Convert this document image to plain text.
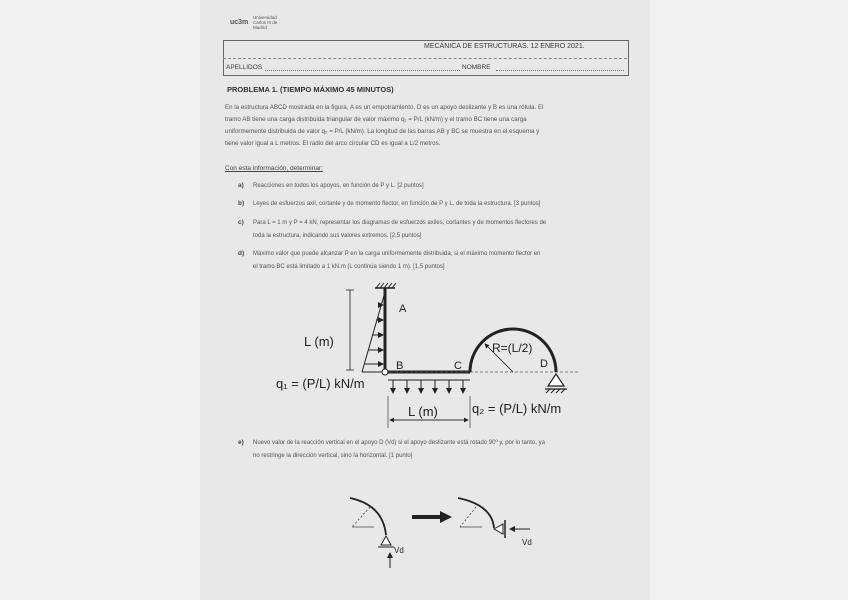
uc3m Universidad Carlos III de Madrid
MECÁNICA DE ESTRUCTURAS. 12 ENERO 2021.
APELLIDOS	NOMBRE
PROBLEMA 1. (TIEMPO MÁXIMO 45 MINUTOS)
En la estructura ABCD mostrada en la figura, A es un empotramiento, D es un apoyo deslizante y B es una rótula. El
tramo AB tiene una carga distribuida triangular de valor máximo q₁ = P/L (kN/m) y el tramo BC tiene una carga
uniformemente distribuida de valor q₂ = P/L (kN/m). La longitud de las barras AB y BC se muestra en el esquema y
tiene valor igual a L metros. El radio del arco circular CD es igual a L/2 metros.
Con esta información, determinar:
a) Reacciones en todos los apoyos, en función de P y L. [2 puntos]
b) Leyes de esfuerzos axil, cortante y de momento flector, en función de P y L, de toda la estructura. [3 puntos]
c) Para L = 1 m y P = 4 kN, representar los diagramas de esfuerzos axiles, cortantes y de momentos flectores de
toda la estructura, indicando sus valores extremos. [2,5 puntos]
d) Máximo valor que puede alcanzar P en la carga uniformemente distribuida, si el máximo momento flector en
el tramo BC está limitado a 1 kN.m (L continúa siendo 1 m). [1,5 puntos]
A
B	C	D
L (m)
L (m)
R=(L/2)
q₁ = (P/L) kN/m
q₂ = (P/L) kN/m
Vd
Vd
e) Nuevo valor de la reacción vertical en el apoyo D (Vd) si el apoyo deslizante está rotado 90º y, por lo tanto, ya
no restringe la dirección vertical, sino la horizontal. [1 punto]
